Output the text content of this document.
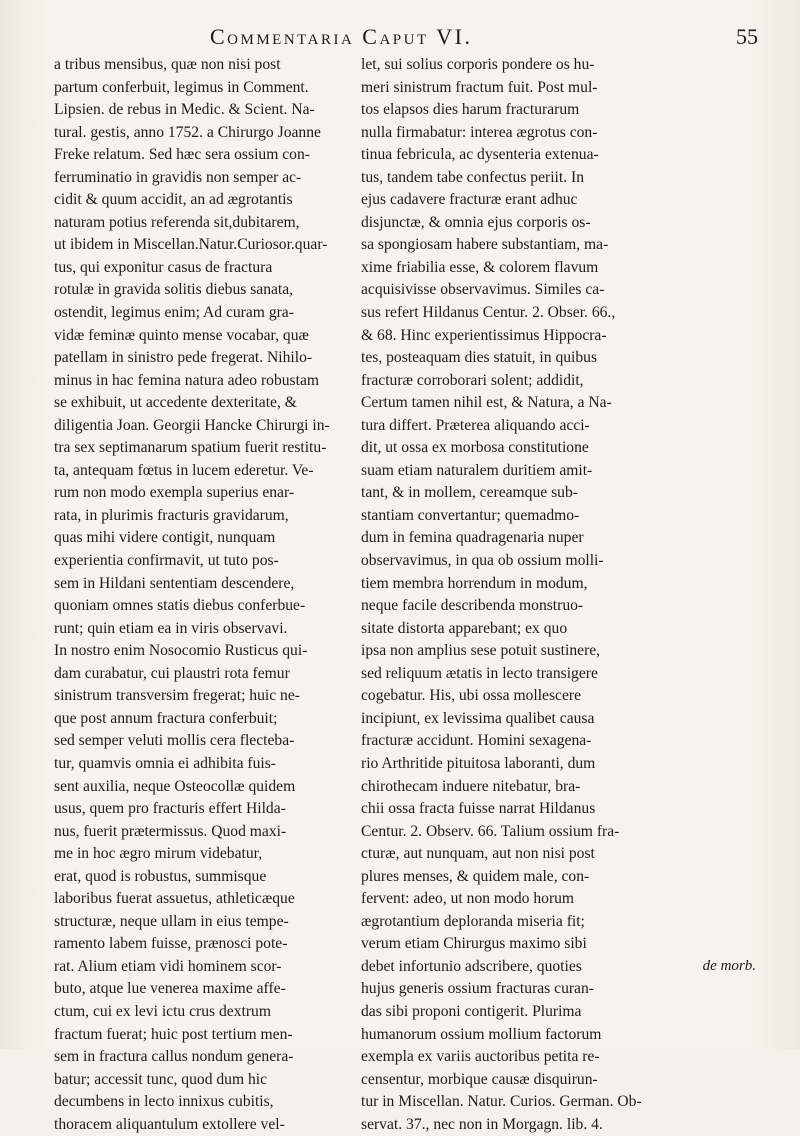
Commentaria Caput VI.	55
a tribus mensibus, quæ non nisi post
partum conferbuit, legimus in Comment.
Lipsien. de rebus in Medic. & Scient. Na-
tural. gestis, anno 1752. a Chirurgo Joanne
Freke relatum. Sed hæc sera ossium con-
ferruminatio in gravidis non semper ac-
cidit & quum accidit, an ad ægrotantis
naturam potius referenda sit,dubitarem,
ut ibidem in Miscellan.Natur.Curiosor.quar-
tus, qui exponitur casus de fractura
rotulæ in gravida solitis diebus sanata,
ostendit, legimus enim; Ad curam gra-
vidæ feminæ quinto mense vocabar, quæ
patellam in sinistro pede fregerat. Nihilo-
minus in hac femina natura adeo robustam
se exhibuit, ut accedente dexteritate, &
diligentia Joan. Georgii Hancke Chirurgi in-
tra sex septimanarum spatium fuerit restitu-
ta, antequam fœtus in lucem ederetur. Ve-
rum non modo exempla superius enar-
rata, in plurimis fracturis gravidarum,
quas mihi videre contigit, nunquam
experientia confirmavit, ut tuto pos-
sem in Hildani sententiam descendere,
quoniam omnes statis diebus conferbue-
runt; quin etiam ea in viris observavi.
In nostro enim Nosocomio Rusticus qui-
dam curabatur, cui plaustri rota femur
sinistrum transversim fregerat; huic ne-
que post annum fractura conferbuit;
sed semper veluti mollis cera flecteba-
tur, quamvis omnia ei adhibita fuis-
sent auxilia, neque Osteocollæ quidem
usus, quem pro fracturis effert Hilda-
nus, fuerit prætermissus. Quod maxi-
me in hoc ægro mirum videbatur,
erat, quod is robustus, summisque
laboribus fuerat assuetus, athleticæque
structuræ, neque ullam in eius tempe-
ramento labem fuisse, prænosci pote-
rat. Alium etiam vidi hominem scor-
buto, atque lue venerea maxime affe-
ctum, cui ex levi ictu crus dextrum
fractum fuerat; huic post tertium men-
sem in fractura callus nondum genera-
batur; accessit tunc, quod dum hic
decumbens in lecto innixus cubitis,
thoracem aliquantulum extollere vel-
let, sui solius corporis pondere os hu-
meri sinistrum fractum fuit. Post mul-
tos elapsos dies harum fracturarum
nulla firmabatur: interea ægrotus con-
tinua febricula, ac dysenteria extenua-
tus, tandem tabe confectus periit. In
ejus cadavere fracturæ erant adhuc
disjunctæ, & omnia ejus corporis os-
sa spongiosam habere substantiam, ma-
xime friabilia esse, & colorem flavum
acquisivisse observavimus. Similes ca-
sus refert Hildanus Centur. 2. Obser. 66.,
& 68. Hinc experientissimus Hippocra-
tes, posteaquam dies statuit, in quibus
fracturæ corroborari solent; addidit,
Certum tamen nihil est, & Natura, a Na-
tura differt. Præterea aliquando acci-
dit, ut ossa ex morbosa constitutione
suam etiam naturalem duritiem amit-
tant, & in mollem, cereamque sub-
stantiam convertantur; quemadmo-
dum in femina quadragenaria nuper
observavimus, in qua ob ossium molli-
tiem membra horrendum in modum,
neque facile describenda monstruo-
sitate distorta apparebant; ex quo
ipsa non amplius sese potuit sustinere,
sed reliquum ætatis in lecto transigere
cogebatur. His, ubi ossa mollescere
incipiunt, ex levissima qualibet causa
fracturæ accidunt. Homini sexagena-
rio Arthritide pituitosa laboranti, dum
chirothecam induere nitebatur, bra-
chii ossa fracta fuisse narrat Hildanus
Centur. 2. Observ. 66. Talium ossium fra-
cturæ, aut nunquam, aut non nisi post
plures menses, & quidem male, con-
fervent: adeo, ut non modo horum
ægrotantium deploranda miseria fit;
verum etiam Chirurgus maximo sibi
debet infortunio adscribere, quoties
hujus generis ossium fracturas curan-
das sibi proponi contigerit. Plurima
humanorum ossium mollium factorum
exempla ex variis auctoribus petita re-
censentur, morbique causæ disquirun-
tur in Miscellan. Natur. Curios. German. Ob-
servat. 37., nec non in Morgagn. lib. 4.
de morb.
